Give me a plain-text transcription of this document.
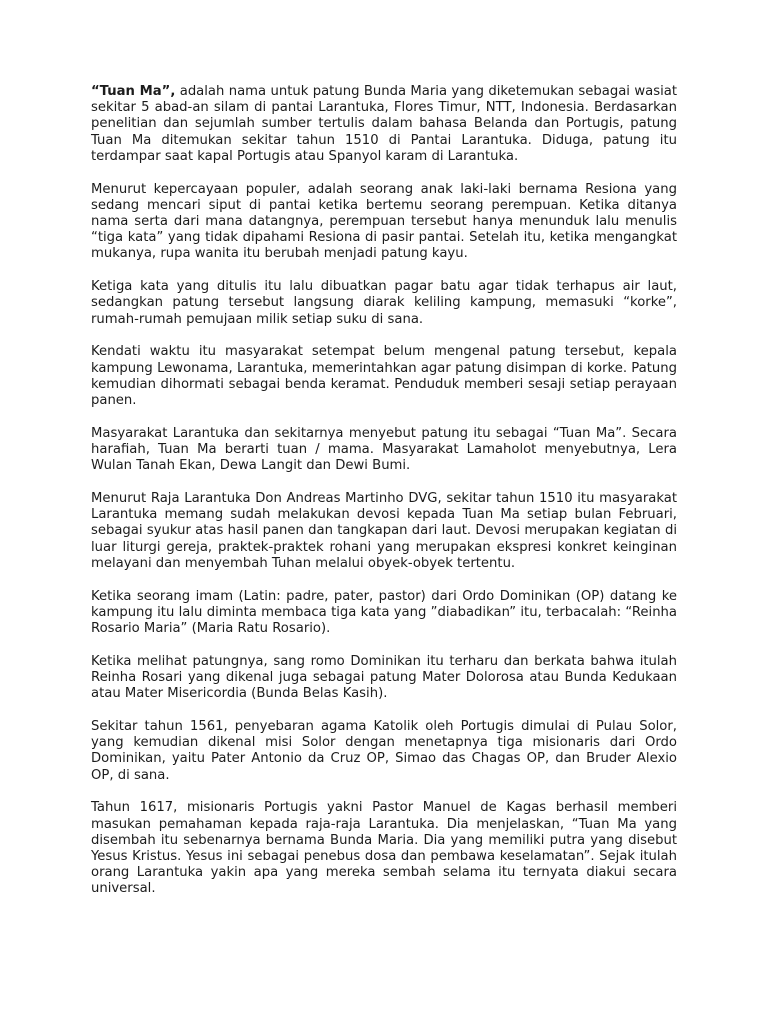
“Tuan Ma”, adalah nama untuk patung Bunda Maria yang diketemukan sebagai wasiat sekitar 5 abad-an silam di pantai Larantuka, Flores Timur, NTT, Indonesia. Berdasarkan penelitian dan sejumlah sumber tertulis dalam bahasa Belanda dan Portugis, patung Tuan Ma ditemukan sekitar tahun 1510 di Pantai Larantuka. Diduga, patung itu terdampar saat kapal Portugis atau Spanyol karam di Larantuka.

Menurut kepercayaan populer, adalah seorang anak laki-laki bernama Resiona yang sedang mencari siput di pantai ketika bertemu seorang perempuan. Ketika ditanya nama serta dari mana datangnya, perempuan tersebut hanya menunduk lalu menulis “tiga kata” yang tidak dipahami Resiona di pasir pantai. Setelah itu, ketika mengangkat mukanya, rupa wanita itu berubah menjadi patung kayu.

Ketiga kata yang ditulis itu lalu dibuatkan pagar batu agar tidak terhapus air laut, sedangkan patung tersebut langsung diarak keliling kampung, memasuki “korke”, rumah-rumah pemujaan milik setiap suku di sana.

Kendati waktu itu masyarakat setempat belum mengenal patung tersebut, kepala kampung Lewonama, Larantuka, memerintahkan agar patung disimpan di korke. Patung kemudian dihormati sebagai benda keramat. Penduduk memberi sesaji setiap perayaan panen.

Masyarakat Larantuka dan sekitarnya menyebut patung itu sebagai “Tuan Ma”. Secara harafiah, Tuan Ma berarti tuan / mama. Masyarakat Lamaholot menyebutnya, Lera Wulan Tanah Ekan, Dewa Langit dan Dewi Bumi.

Menurut Raja Larantuka Don Andreas Martinho DVG, sekitar tahun 1510 itu masyarakat Larantuka memang sudah melakukan devosi kepada Tuan Ma setiap bulan Februari, sebagai syukur atas hasil panen dan tangkapan dari laut. Devosi merupakan kegiatan di luar liturgi gereja, praktek-praktek rohani yang merupakan ekspresi konkret keinginan melayani dan menyembah Tuhan melalui obyek-obyek tertentu.

Ketika seorang imam (Latin: padre, pater, pastor) dari Ordo Dominikan (OP) datang ke kampung itu lalu diminta membaca tiga kata yang ”diabadikan” itu, terbacalah: “Reinha Rosario Maria” (Maria Ratu Rosario).

Ketika melihat patungnya, sang romo Dominikan itu terharu dan berkata bahwa itulah Reinha Rosari yang dikenal juga sebagai patung Mater Dolorosa atau Bunda Kedukaan atau Mater Misericordia (Bunda Belas Kasih).

Sekitar tahun 1561, penyebaran agama Katolik oleh Portugis dimulai di Pulau Solor, yang kemudian dikenal misi Solor dengan menetapnya tiga misionaris dari Ordo Dominikan, yaitu Pater Antonio da Cruz OP, Simao das Chagas OP, dan Bruder Alexio OP, di sana.

Tahun 1617, misionaris Portugis yakni Pastor Manuel de Kagas berhasil memberi masukan pemahaman kepada raja-raja Larantuka. Dia menjelaskan, “Tuan Ma yang disembah itu sebenarnya bernama Bunda Maria. Dia yang memiliki putra yang disebut Yesus Kristus. Yesus ini sebagai penebus dosa dan pembawa keselamatan”. Sejak itulah orang Larantuka yakin apa yang mereka sembah selama itu ternyata diakui secara universal.
